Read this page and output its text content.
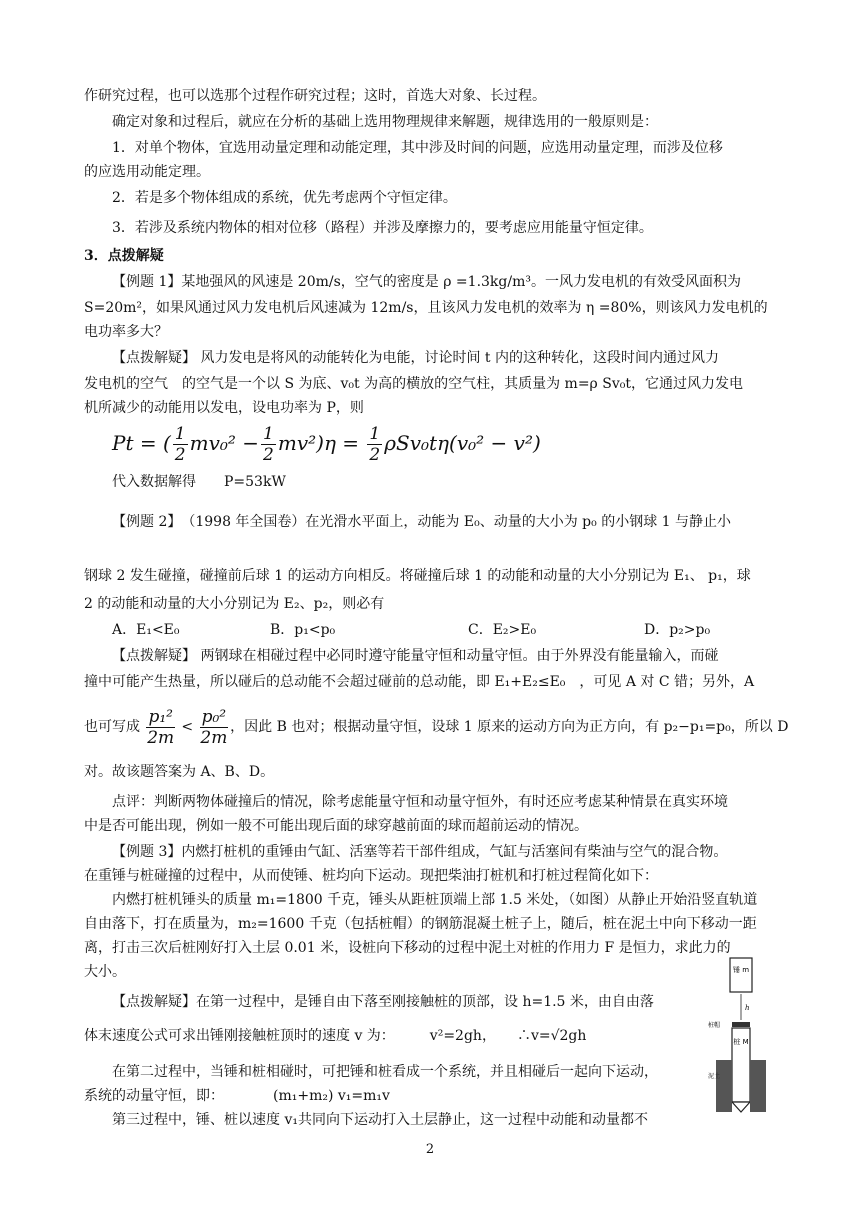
作研究过程，也可以选那个过程作研究过程；这时，首选大对象、长过程。
确定对象和过程后，就应在分析的基础上选用物理规律来解题，规律选用的一般原则是：
1．对单个物体，宜选用动量定理和动能定理，其中涉及时间的问题，应选用动量定理，而涉及位移
的应选用动能定理。
2．若是多个物体组成的系统，优先考虑两个守恒定律。
3．若涉及系统内物体的相对位移（路程）并涉及摩擦力的，要考虑应用能量守恒定律。
3．点拨解疑
【例题 1】某地强风的风速是 20m/s，空气的密度是 ρ =1.3kg/m³。一风力发电机的有效受风面积为
S=20m²，如果风通过风力发电机后风速减为 12m/s，且该风力发电机的效率为 η =80%，则该风力发电机的
电功率多大？
【点拨解疑】 风力发电是将风的动能转化为电能，讨论时间 t 内的这种转化，这段时间内通过风力
发电机的空气　的空气是一个以 S 为底、v₀t 为高的横放的空气柱，其质量为 m=ρ Sv₀t，它通过风力发电
机所减少的动能用以发电，设电功率为 P，则
Pt = ( $\frac{1}{2} mv_0^2 - \frac{1}{2} mv^2)\eta = \frac{1}{2} \rho Sv_0t\eta(v_0^2 - v^2)$
代入数据解得　　P=53kW
【例题 2】　（1998 年全国卷）在光滑水平面上，动能为 E₀、动量的大小为 p₀ 的小钢球 1 与静止小
钢球 2 发生碰撞，碰撞前后球 1 的运动方向相反。将碰撞后球 1 的动能和动量的大小分别记为 E₁、 p₁，球
2 的动能和动量的大小分别记为 E₂、p₂，则必有
A．E₁<E₀	B．p₁<p₀	C．E₂>E₀	D．p₂>p₀
【点拨解疑】 两钢球在相碰过程中必同时遵守能量守恒和动量守恒。由于外界没有能量输入，而碰
撞中可能产生热量，所以碰后的总动能不会超过碰前的总动能，即 E₁+E₂≤E₀　，可见 A 对 C 错；另外，A
也可写成 $\frac{\text{p₁²}}{2m} < \frac{\text{p₀²}}{2m}$ ，因此 B 也对；根据动量守恒，设球 1 原来的运动方向为正方向，有 p₂−p₁=p₀，所以 D
对。故该题答案为 A、B、D。
点评：判断两物体碰撞后的情况，除考虑能量守恒和动量守恒外，有时还应考虑某种情景在真实环境
中是否可能出现，例如一般不可能出现后面的球穿越前面的球而超前运动的情况。
【例题 3】内燃打桩机的重锤由气缸、活塞等若干部件组成，气缸与活塞间有柴油与空气的混合物。
在重锤与桩碰撞的过程中，从而使锤、桩均向下运动。现把柴油打桩机和打桩过程简化如下：
内燃打桩机锤头的质量 m₁=1800 千克，锤头从距桩顶端上部 1.5 米处，（如图）从静止开始沿竖直轨道
自由落下，打在质量为，m₂=1600 千克（包括桩帽）的钢筋混凝土桩子上，随后，桩在泥土中向下移动一距
离，打击三次后桩刚好打入土层 0.01 米，设桩向下移动的过程中泥土对桩的作用力 F 是恒力，求此力的
大小。
【点拨解疑】在第一过程中，是锤自由下落至刚接触桩的顶部，设 h=1.5 米，由自由落
体末速度公式可求出锤刚接触桩顶时的速度 v 为：　　　v²=2gh，　　∴v=√2gh
在第二过程中，当锤和桩相碰时，可把锤和桩看成一个系统，并且相碰后一起向下运动，
系统的动量守恒，即：　　　　(m₁+m₂) v₁=m₁v
第三过程中，锤、桩以速度 v₁共同向下运动打入土层静止，这一过程中动能和动量都不
锤 m
h
桩帽
桩 M
泥土
2
